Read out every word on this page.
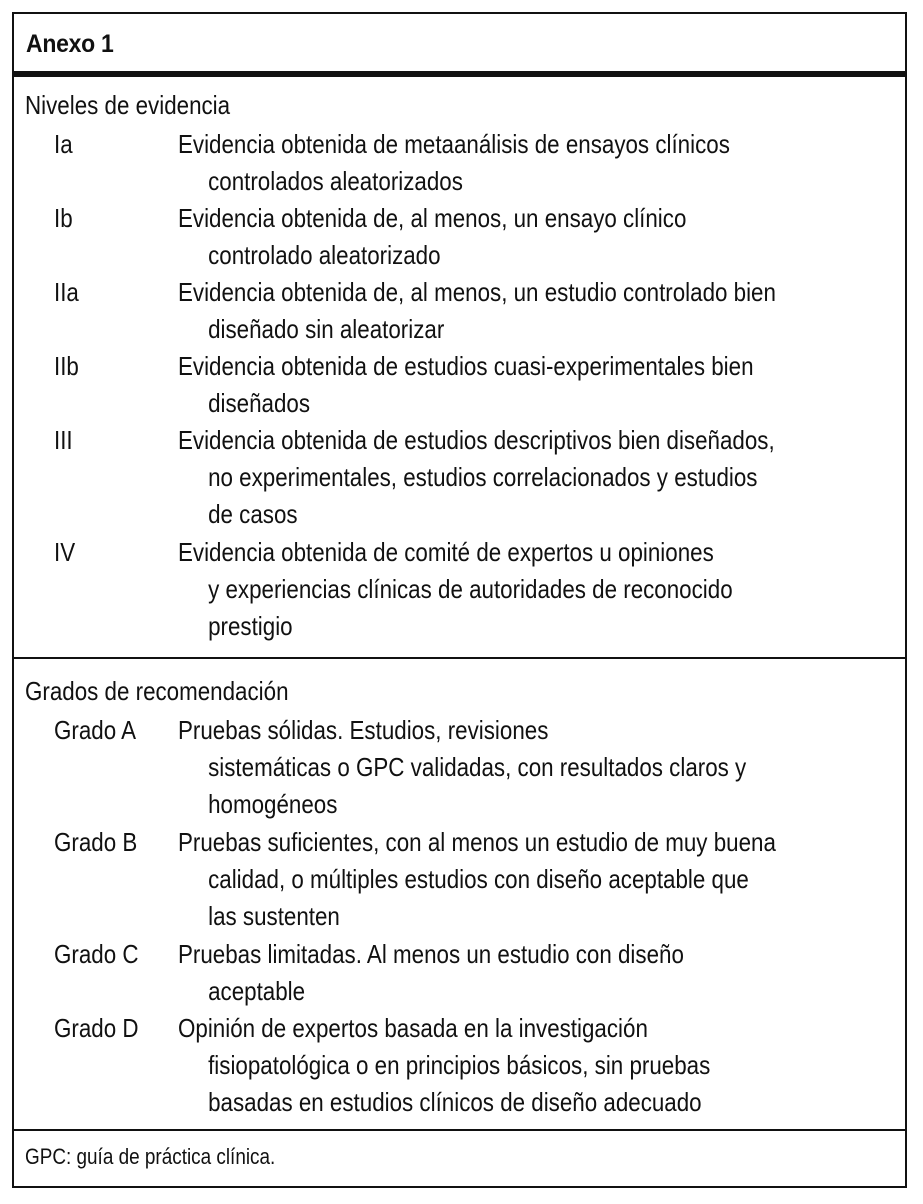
Anexo 1
Niveles de evidencia
Ia	Evidencia obtenida de metaanálisis de ensayos clínicos
controlados aleatorizados
Ib	Evidencia obtenida de, al menos, un ensayo clínico
controlado aleatorizado
IIa	Evidencia obtenida de, al menos, un estudio controlado bien
diseñado sin aleatorizar
IIb	Evidencia obtenida de estudios cuasi-experimentales bien
diseñados
III	Evidencia obtenida de estudios descriptivos bien diseñados,
no experimentales, estudios correlacionados y estudios
de casos
IV	Evidencia obtenida de comité de expertos u opiniones
y experiencias clínicas de autoridades de reconocido
prestigio
Grados de recomendación
Grado A Pruebas sólidas. Estudios, revisiones
sistemáticas o GPC validadas, con resultados claros y
homogéneos
Grado B Pruebas suficientes, con al menos un estudio de muy buena
calidad, o múltiples estudios con diseño aceptable que
las sustenten
Grado C Pruebas limitadas. Al menos un estudio con diseño
aceptable
Grado D Opinión de expertos basada en la investigación
fisiopatológica o en principios básicos, sin pruebas
basadas en estudios clínicos de diseño adecuado
GPC: guía de práctica clínica.
